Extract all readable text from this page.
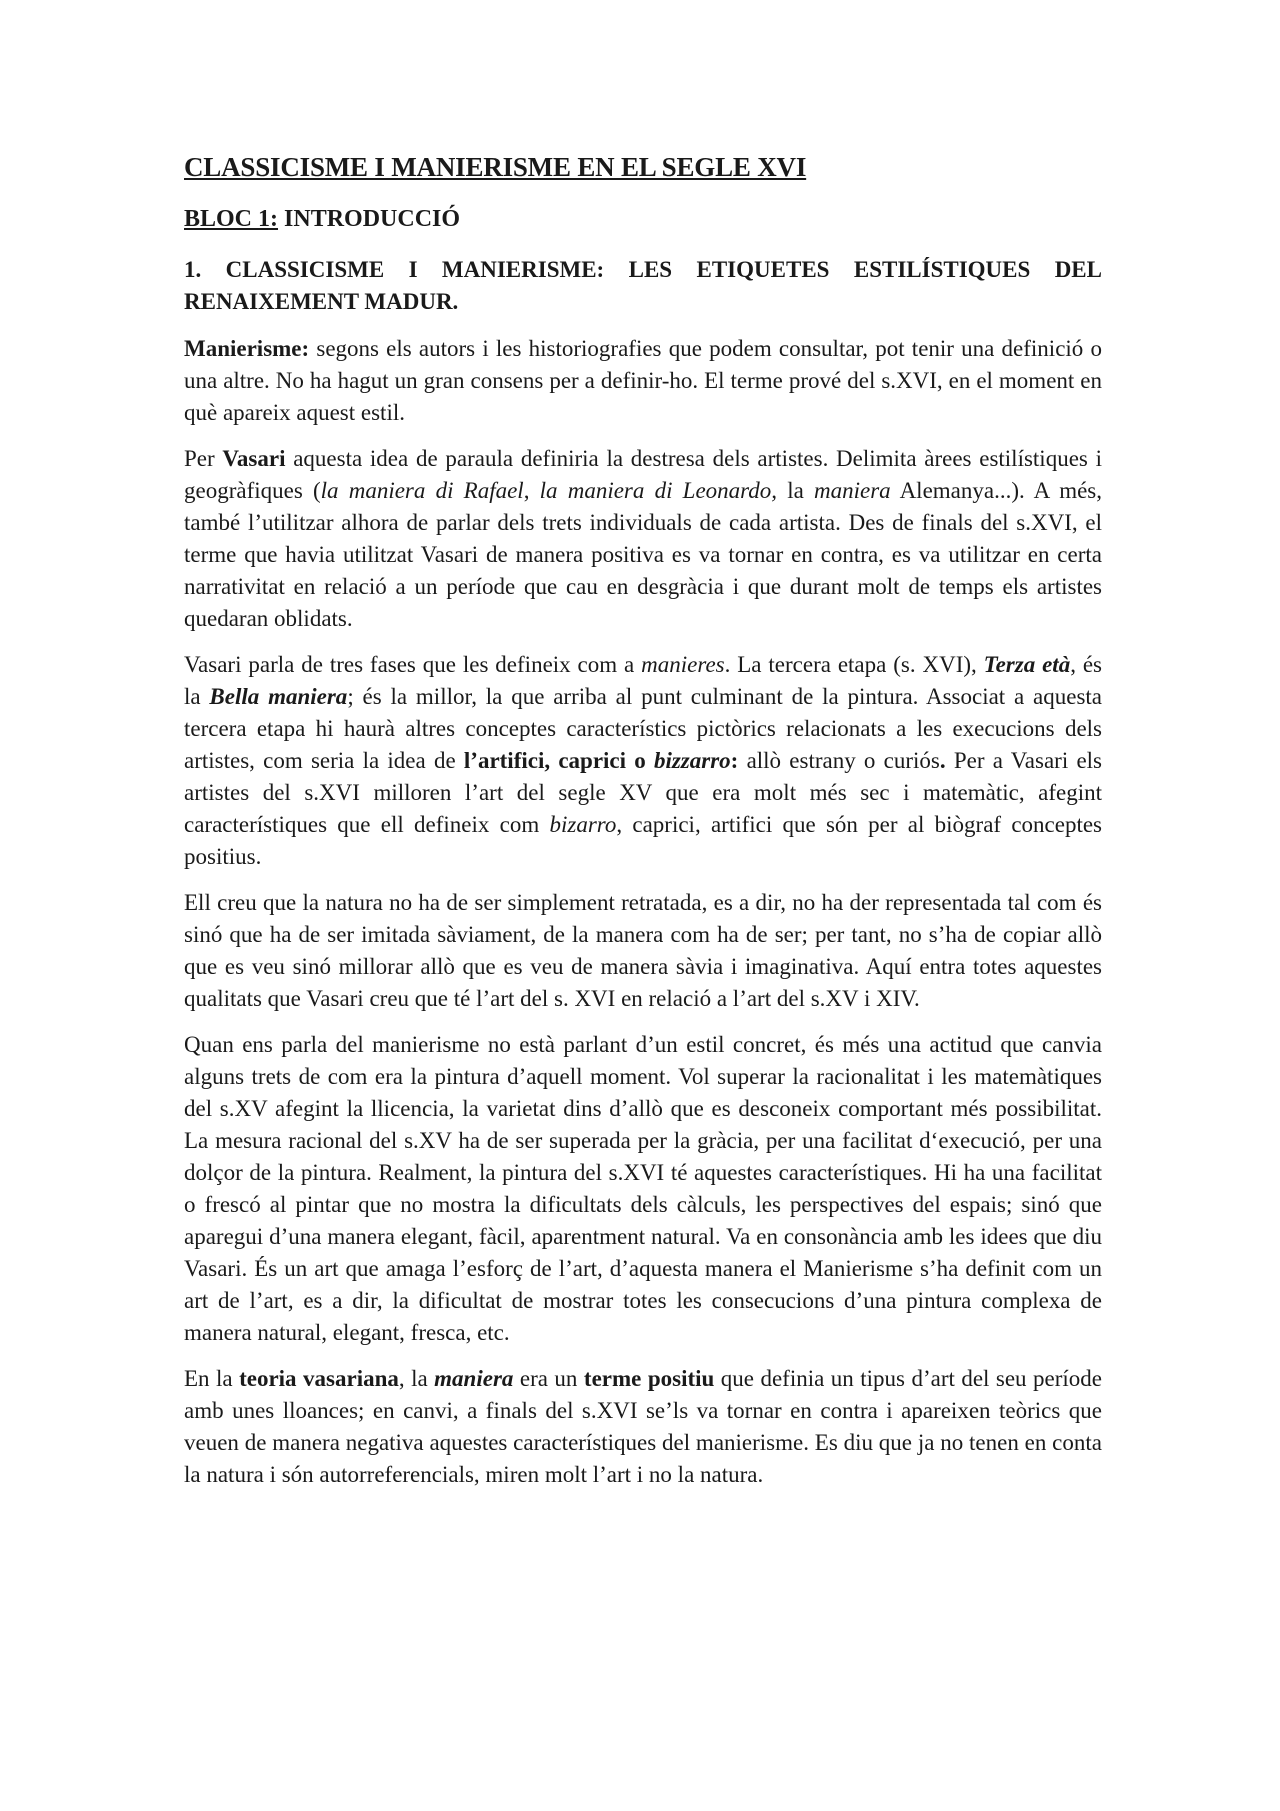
CLASSICISME I MANIERISME EN EL SEGLE XVI
BLOC 1: INTRODUCCIÓ
1. CLASSICISME I MANIERISME: LES ETIQUETES ESTILÍSTIQUES DEL RENAIXEMENT MADUR.

Manierisme: segons els autors i les historiografies que podem consultar, pot tenir una definició o una altre. No ha hagut un gran consens per a definir-ho. El terme prové del s.XVI, en el moment en què apareix aquest estil.

Per Vasari aquesta idea de paraula definiria la destresa dels artistes. Delimita àrees estilístiques i geogràfiques (la maniera di Rafael, la maniera di Leonardo, la maniera Alemanya...). A més, també l’utilitzar alhora de parlar dels trets individuals de cada artista. Des de finals del s.XVI, el terme que havia utilitzat Vasari de manera positiva es va tornar en contra, es va utilitzar en certa narrativitat en relació a un període que cau en desgràcia i que durant molt de temps els artistes quedaran oblidats.

Vasari parla de tres fases que les defineix com a manieres. La tercera etapa (s. XVI), Terza età, és la Bella maniera; és la millor, la que arriba al punt culminant de la pintura. Associat a aquesta tercera etapa hi haurà altres conceptes característics pictòrics relacionats a les execucions dels artistes, com seria la idea de l’artifici, caprici o bizzarro: allò estrany o curiós. Per a Vasari els artistes del s.XVI milloren l’art del segle XV que era molt més sec i matemàtic, afegint característiques que ell defineix com bizarro, caprici, artifici que són per al biògraf conceptes positius.

Ell creu que la natura no ha de ser simplement retratada, es a dir, no ha der representada tal com és sinó que ha de ser imitada sàviament, de la manera com ha de ser; per tant, no s’ha de copiar allò que es veu sinó millorar allò que es veu de manera sàvia i imaginativa. Aquí entra totes aquestes qualitats que Vasari creu que té l’art del s. XVI en relació a l’art del s.XV i XIV.

Quan ens parla del manierisme no està parlant d’un estil concret, és més una actitud que canvia alguns trets de com era la pintura d’aquell moment. Vol superar la racionalitat i les matemàtiques del s.XV afegint la llicencia, la varietat dins d’allò que es desconeix comportant més possibilitat. La mesura racional del s.XV ha de ser superada per la gràcia, per una facilitat d‘execució, per una dolçor de la pintura. Realment, la pintura del s.XVI té aquestes característiques. Hi ha una facilitat o frescó al pintar que no mostra la dificultats dels càlculs, les perspectives del espais; sinó que aparegui d’una manera elegant, fàcil, aparentment natural. Va en consonància amb les idees que diu Vasari. És un art que amaga l’esforç de l’art, d’aquesta manera el Manierisme s’ha definit com un art de l’art, es a dir, la dificultat de mostrar totes les consecucions d’una pintura complexa de manera natural, elegant, fresca, etc.

En la teoria vasariana, la maniera era un terme positiu que definia un tipus d’art del seu període amb unes lloances; en canvi, a finals del s.XVI se’ls va tornar en contra i apareixen teòrics que veuen de manera negativa aquestes característiques del manierisme. Es diu que ja no tenen en conta la natura i són autorreferencials, miren molt l’art i no la natura.
